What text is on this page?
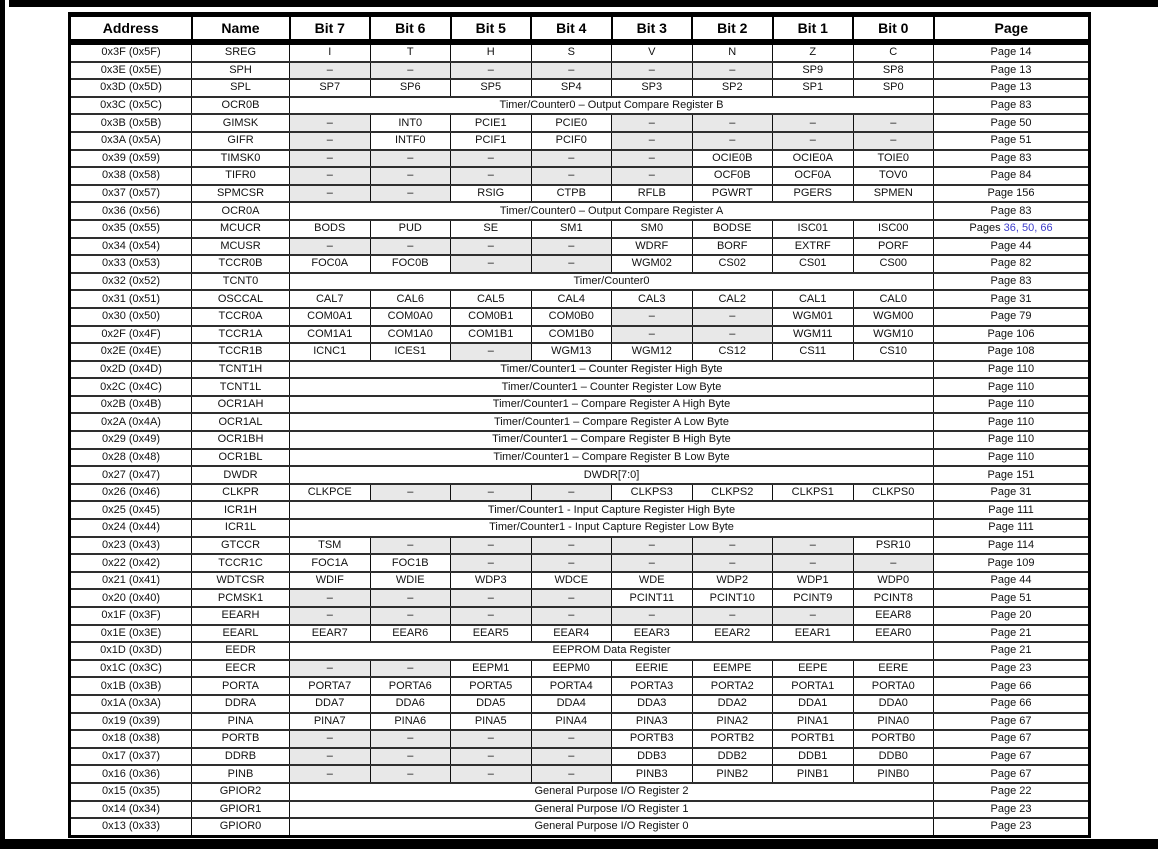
Address	Name	Bit 7	Bit 6	Bit 5	Bit 4	Bit 3	Bit 2	Bit 1	Bit 0	Page
0x3F (0x5F)	SREG	I	T	H	S	V	N	Z	C	Page 14
0x3E (0x5E)	SPH	–	–	–	–	–	–	SP9	SP8	Page 13
0x3D (0x5D)	SPL	SP7	SP6	SP5	SP4	SP3	SP2	SP1	SP0	Page 13
0x3C (0x5C)	OCR0B	Timer/Counter0 – Output Compare Register B								Page 83
0x3B (0x5B)	GIMSK	–	INT0	PCIE1	PCIE0	–	–	–	–	Page 50
0x3A (0x5A)	GIFR	–	INTF0	PCIF1	PCIF0	–	–	–	–	Page 51
0x39 (0x59)	TIMSK0	–	–	–	–	–	OCIE0B	OCIE0A	TOIE0	Page 83
0x38 (0x58)	TIFR0	–	–	–	–	–	OCF0B	OCF0A	TOV0	Page 84
0x37 (0x57)	SPMCSR	–	–	RSIG	CTPB	RFLB	PGWRT	PGERS	SPMEN	Page 156
0x36 (0x56)	OCR0A	Timer/Counter0 – Output Compare Register A								Page 83
0x35 (0x55)	MCUCR	BODS	PUD	SE	SM1	SM0	BODSE	ISC01	ISC00	Pages 36, 50, 66
0x34 (0x54)	MCUSR	–	–	–	–	WDRF	BORF	EXTRF	PORF	Page 44
0x33 (0x53)	TCCR0B	FOC0A	FOC0B	–	–	WGM02	CS02	CS01	CS00	Page 82
0x32 (0x52)	TCNT0	Timer/Counter0								Page 83
0x31 (0x51)	OSCCAL	CAL7	CAL6	CAL5	CAL4	CAL3	CAL2	CAL1	CAL0	Page 31
0x30 (0x50)	TCCR0A	COM0A1	COM0A0	COM0B1	COM0B0	–	–	WGM01	WGM00	Page 79
0x2F (0x4F)	TCCR1A	COM1A1	COM1A0	COM1B1	COM1B0	–	–	WGM11	WGM10	Page 106
0x2E (0x4E)	TCCR1B	ICNC1	ICES1	–	WGM13	WGM12	CS12	CS11	CS10	Page 108
0x2D (0x4D)	TCNT1H	Timer/Counter1 – Counter Register High Byte								Page 110
0x2C (0x4C)	TCNT1L	Timer/Counter1 – Counter Register Low Byte								Page 110
0x2B (0x4B)	OCR1AH	Timer/Counter1 – Compare Register A High Byte								Page 110
0x2A (0x4A)	OCR1AL	Timer/Counter1 – Compare Register A Low Byte								Page 110
0x29 (0x49)	OCR1BH	Timer/Counter1 – Compare Register B High Byte								Page 110
0x28 (0x48)	OCR1BL	Timer/Counter1 – Compare Register B Low Byte								Page 110
0x27 (0x47)	DWDR	DWDR[7:0]								Page 151
0x26 (0x46)	CLKPR	CLKPCE	–	–	–	CLKPS3	CLKPS2	CLKPS1	CLKPS0	Page 31
0x25 (0x45)	ICR1H	Timer/Counter1 - Input Capture Register High Byte								Page 111
0x24 (0x44)	ICR1L	Timer/Counter1 - Input Capture Register Low Byte								Page 111
0x23 (0x43)	GTCCR	TSM	–	–	–	–	–	–	PSR10	Page 114
0x22 (0x42)	TCCR1C	FOC1A	FOC1B	–	–	–	–	–	–	Page 109
0x21 (0x41)	WDTCSR	WDIF	WDIE	WDP3	WDCE	WDE	WDP2	WDP1	WDP0	Page 44
0x20 (0x40)	PCMSK1	–	–	–	–	PCINT11	PCINT10	PCINT9	PCINT8	Page 51
0x1F (0x3F)	EEARH	–	–	–	–	–	–	–	EEAR8	Page 20
0x1E (0x3E)	EEARL	EEAR7	EEAR6	EEAR5	EEAR4	EEAR3	EEAR2	EEAR1	EEAR0	Page 21
0x1D (0x3D)	EEDR	EEPROM Data Register								Page 21
0x1C (0x3C)	EECR	–	–	EEPM1	EEPM0	EERIE	EEMPE	EEPE	EERE	Page 23
0x1B (0x3B)	PORTA	PORTA7	PORTA6	PORTA5	PORTA4	PORTA3	PORTA2	PORTA1	PORTA0	Page 66
0x1A (0x3A)	DDRA	DDA7	DDA6	DDA5	DDA4	DDA3	DDA2	DDA1	DDA0	Page 66
0x19 (0x39)	PINA	PINA7	PINA6	PINA5	PINA4	PINA3	PINA2	PINA1	PINA0	Page 67
0x18 (0x38)	PORTB	–	–	–	–	PORTB3	PORTB2	PORTB1	PORTB0	Page 67
0x17 (0x37)	DDRB	–	–	–	–	DDB3	DDB2	DDB1	DDB0	Page 67
0x16 (0x36)	PINB	–	–	–	–	PINB3	PINB2	PINB1	PINB0	Page 67
0x15 (0x35)	GPIOR2	General Purpose I/O Register 2								Page 22
0x14 (0x34)	GPIOR1	General Purpose I/O Register 1								Page 23
0x13 (0x33)	GPIOR0	General Purpose I/O Register 0								Page 23
